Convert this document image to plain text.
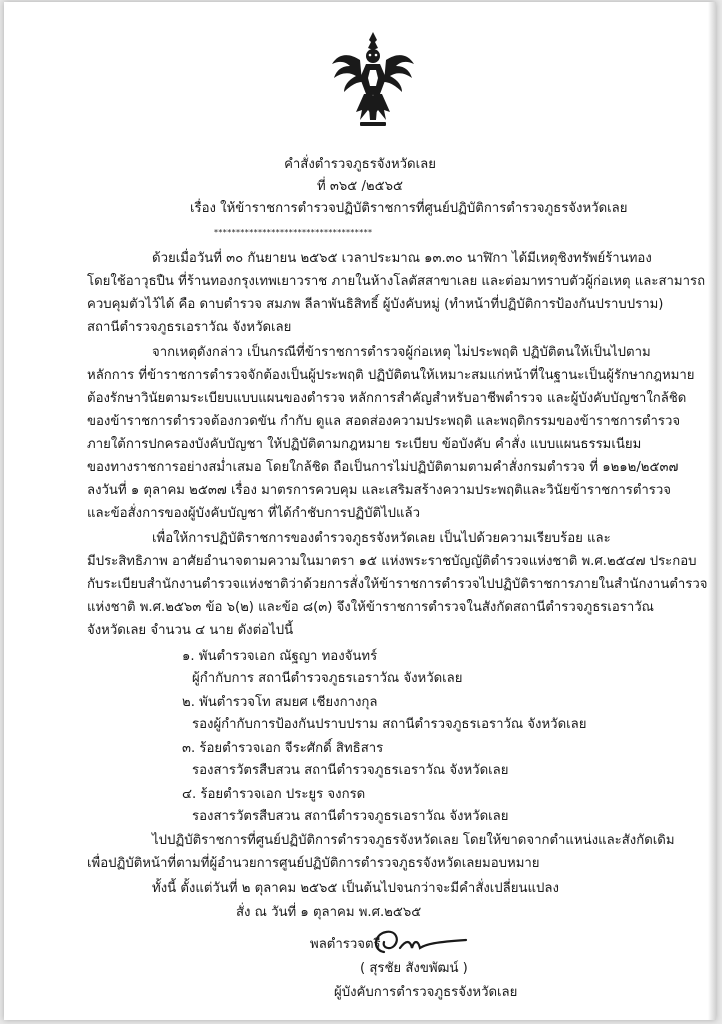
คำสั่งตำรวจภูธรจังหวัดเลย
ที่ ๓๖๕ /๒๕๖๕
เรื่อง ให้ข้าราชการตำรวจปฏิบัติราชการที่ศูนย์ปฏิบัติการตำรวจภูธรจังหวัดเลย
************************************
ด้วยเมื่อวันที่ ๓๐ กันยายน ๒๕๖๕ เวลาประมาณ ๑๓.๓๐ นาฬิกา ได้มีเหตุชิงทรัพย์ร้านทอง
โดยใช้อาวุธปืน ที่ร้านทองกรุงเทพเยาวราช ภายในห้างโลตัสสาขาเลย และต่อมาทราบตัวผู้ก่อเหตุ และสามารถ
ควบคุมตัวไว้ได้ คือ ดาบตำรวจ สมภพ ลีลาพันธิสิทธิ์ ผู้บังคับหมู่ (ทำหน้าที่ปฏิบัติการป้องกันปราบปราม)
สถานีตำรวจภูธรเอราวัณ จังหวัดเลย
จากเหตุดังกล่าว เป็นกรณีที่ข้าราชการตำรวจผู้ก่อเหตุ ไม่ประพฤติ ปฏิบัติตนให้เป็นไปตาม
หลักการ ที่ข้าราชการตำรวจจักต้องเป็นผู้ประพฤติ ปฏิบัติตนให้เหมาะสมแก่หน้าที่ในฐานะเป็นผู้รักษากฎหมาย
ต้องรักษาวินัยตามระเบียบแบบแผนของตำรวจ หลักการสำคัญสำหรับอาชีพตำรวจ และผู้บังคับบัญชาใกล้ชิด
ของข้าราชการตำรวจต้องกวดขัน กำกับ ดูแล สอดส่องความประพฤติ และพฤติกรรมของข้าราชการตำรวจ
ภายใต้การปกครองบังคับบัญชา ให้ปฏิบัติตามกฎหมาย ระเบียบ ข้อบังคับ คำสั่ง แบบแผนธรรมเนียม
ของทางราชการอย่างสม่ำเสมอ โดยใกล้ชิด ถือเป็นการไม่ปฏิบัติตามตามคำสั่งกรมตำรวจ ที่ ๑๒๑๒/๒๕๓๗
ลงวันที่ ๑ ตุลาคม ๒๕๓๗ เรื่อง มาตรการควบคุม และเสริมสร้างความประพฤติและวินัยข้าราชการตำรวจ
และข้อสั่งการของผู้บังคับบัญชา ที่ได้กำชับการปฏิบัติไปแล้ว
เพื่อให้การปฏิบัติราชการของตำรวจภูธรจังหวัดเลย เป็นไปด้วยความเรียบร้อย และ
มีประสิทธิภาพ อาศัยอำนาจตามความในมาตรา ๑๕ แห่งพระราชบัญญัติตำรวจแห่งชาติ พ.ศ.๒๕๔๗ ประกอบ
กับระเบียบสำนักงานตำรวจแห่งชาติว่าด้วยการสั่งให้ข้าราชการตำรวจไปปฏิบัติราชการภายในสำนักงานตำรวจ
แห่งชาติ พ.ศ.๒๕๖๓ ข้อ ๖(๒) และข้อ ๘(๓) จึงให้ข้าราชการตำรวจในสังกัดสถานีตำรวจภูธรเอราวัณ
จังหวัดเลย จำนวน ๔ นาย ดังต่อไปนี้
๑. พันตำรวจเอก ณัฐญา ทองจันทร์
ผู้กำกับการ สถานีตำรวจภูธรเอราวัณ จังหวัดเลย
๒. พันตำรวจโท สมยศ เชียงกางกุล
รองผู้กำกับการป้องกันปราบปราม สถานีตำรวจภูธรเอราวัณ จังหวัดเลย
๓. ร้อยตำรวจเอก จีระศักดิ์ สิทธิสาร
รองสารวัตรสืบสวน สถานีตำรวจภูธรเอราวัณ จังหวัดเลย
๔. ร้อยตำรวจเอก ประยูร จงกรด
รองสารวัตรสืบสวน สถานีตำรวจภูธรเอราวัณ จังหวัดเลย
ไปปฏิบัติราชการที่ศูนย์ปฏิบัติการตำรวจภูธรจังหวัดเลย โดยให้ขาดจากตำแหน่งและสังกัดเดิม
เพื่อปฏิบัติหน้าที่ตามที่ผู้อำนวยการศูนย์ปฏิบัติการตำรวจภูธรจังหวัดเลยมอบหมาย
ทั้งนี้ ตั้งแต่วันที่ ๒ ตุลาคม ๒๕๖๕ เป็นต้นไปจนกว่าจะมีคำสั่งเปลี่ยนแปลง
สั่ง ณ วันที่ ๑ ตุลาคม พ.ศ.๒๕๖๕
พลตำรวจตรี
( สุรชัย สังขพัฒน์ )
ผู้บังคับการตำรวจภูธรจังหวัดเลย
